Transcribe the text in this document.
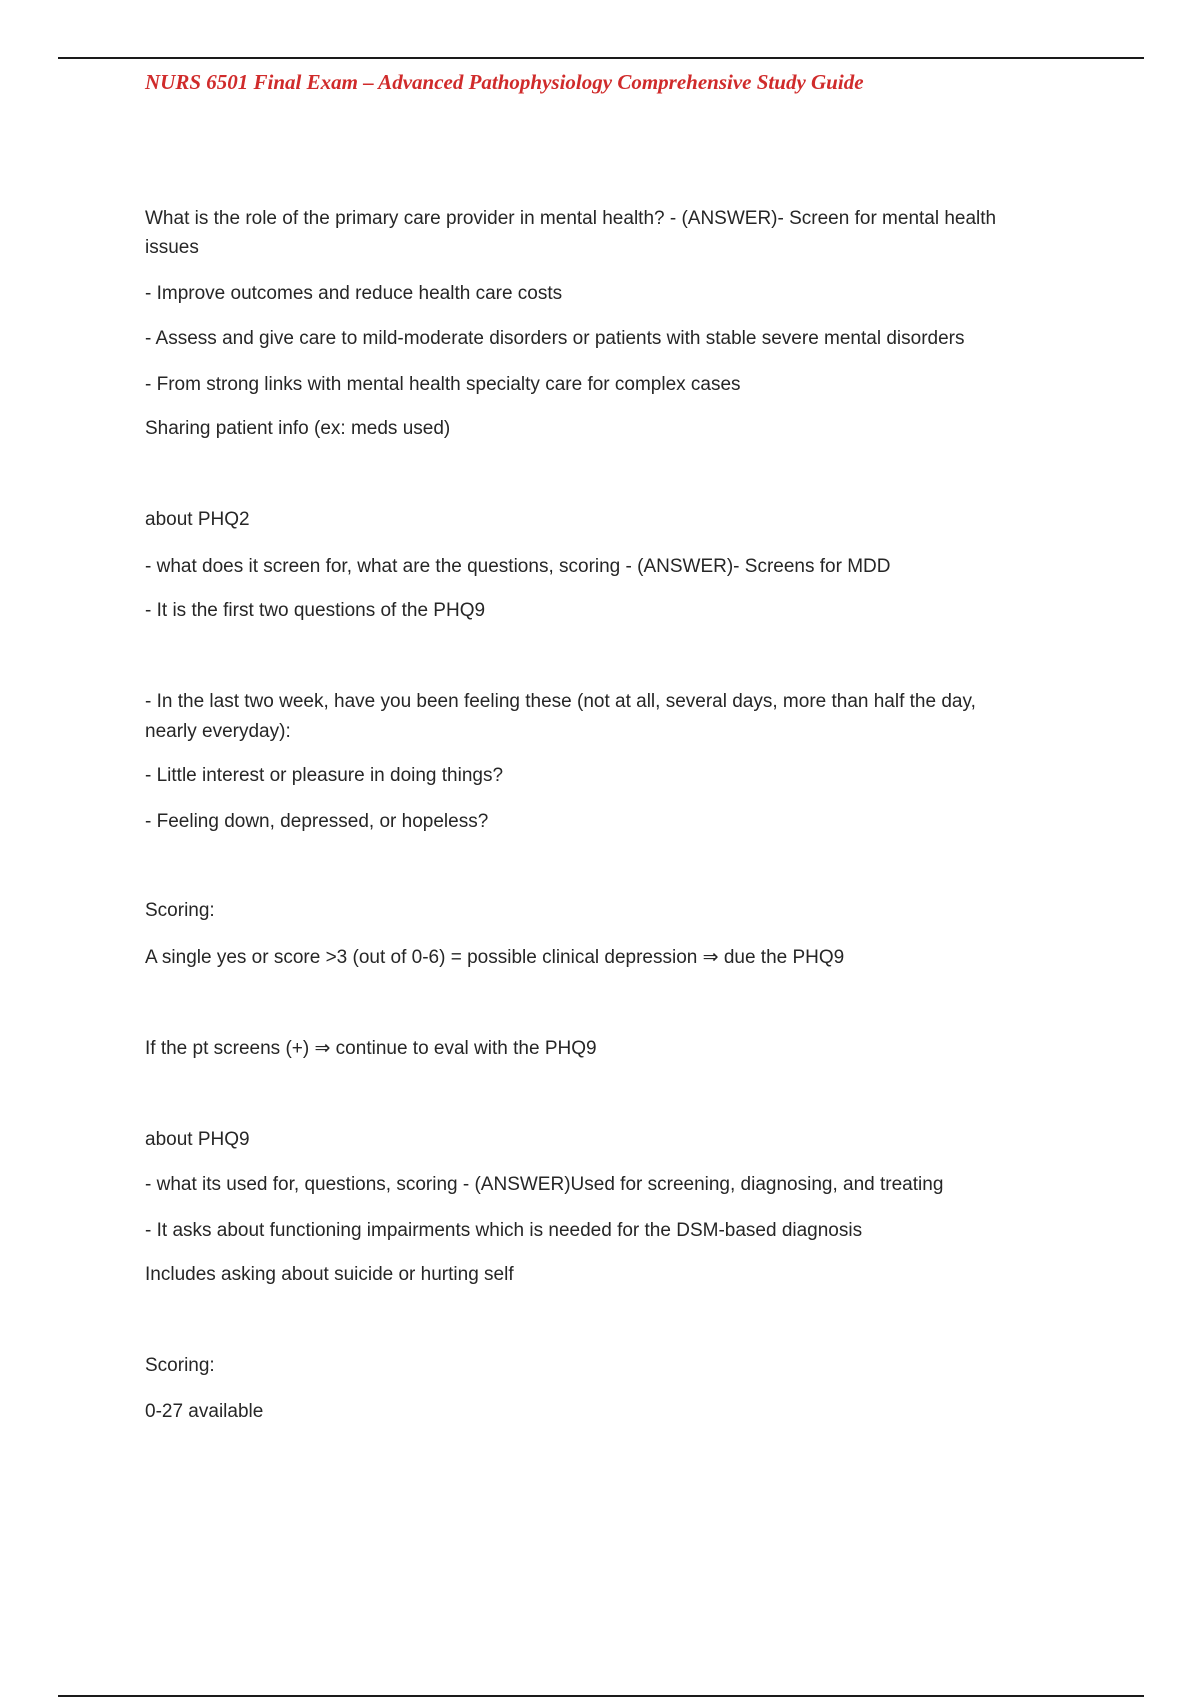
NURS 6501 Final Exam – Advanced Pathophysiology Comprehensive Study Guide

What is the role of the primary care provider in mental health? - (ANSWER)- Screen for mental health

issues

- Improve outcomes and reduce health care costs

- Assess and give care to mild-moderate disorders or patients with stable severe mental disorders

- From strong links with mental health specialty care for complex cases

Sharing patient info (ex: meds used)

about PHQ2

- what does it screen for, what are the questions, scoring - (ANSWER)- Screens for MDD

- It is the first two questions of the PHQ9

- In the last two week, have you been feeling these (not at all, several days, more than half the day,

nearly everyday):

- Little interest or pleasure in doing things?

- Feeling down, depressed, or hopeless?

Scoring:

A single yes or score >3 (out of 0-6) = possible clinical depression ⇒ due the PHQ9

If the pt screens (+) ⇒ continue to eval with the PHQ9

about PHQ9

- what its used for, questions, scoring - (ANSWER)Used for screening, diagnosing, and treating

- It asks about functioning impairments which is needed for the DSM-based diagnosis

Includes asking about suicide or hurting self

Scoring:

0-27 available
